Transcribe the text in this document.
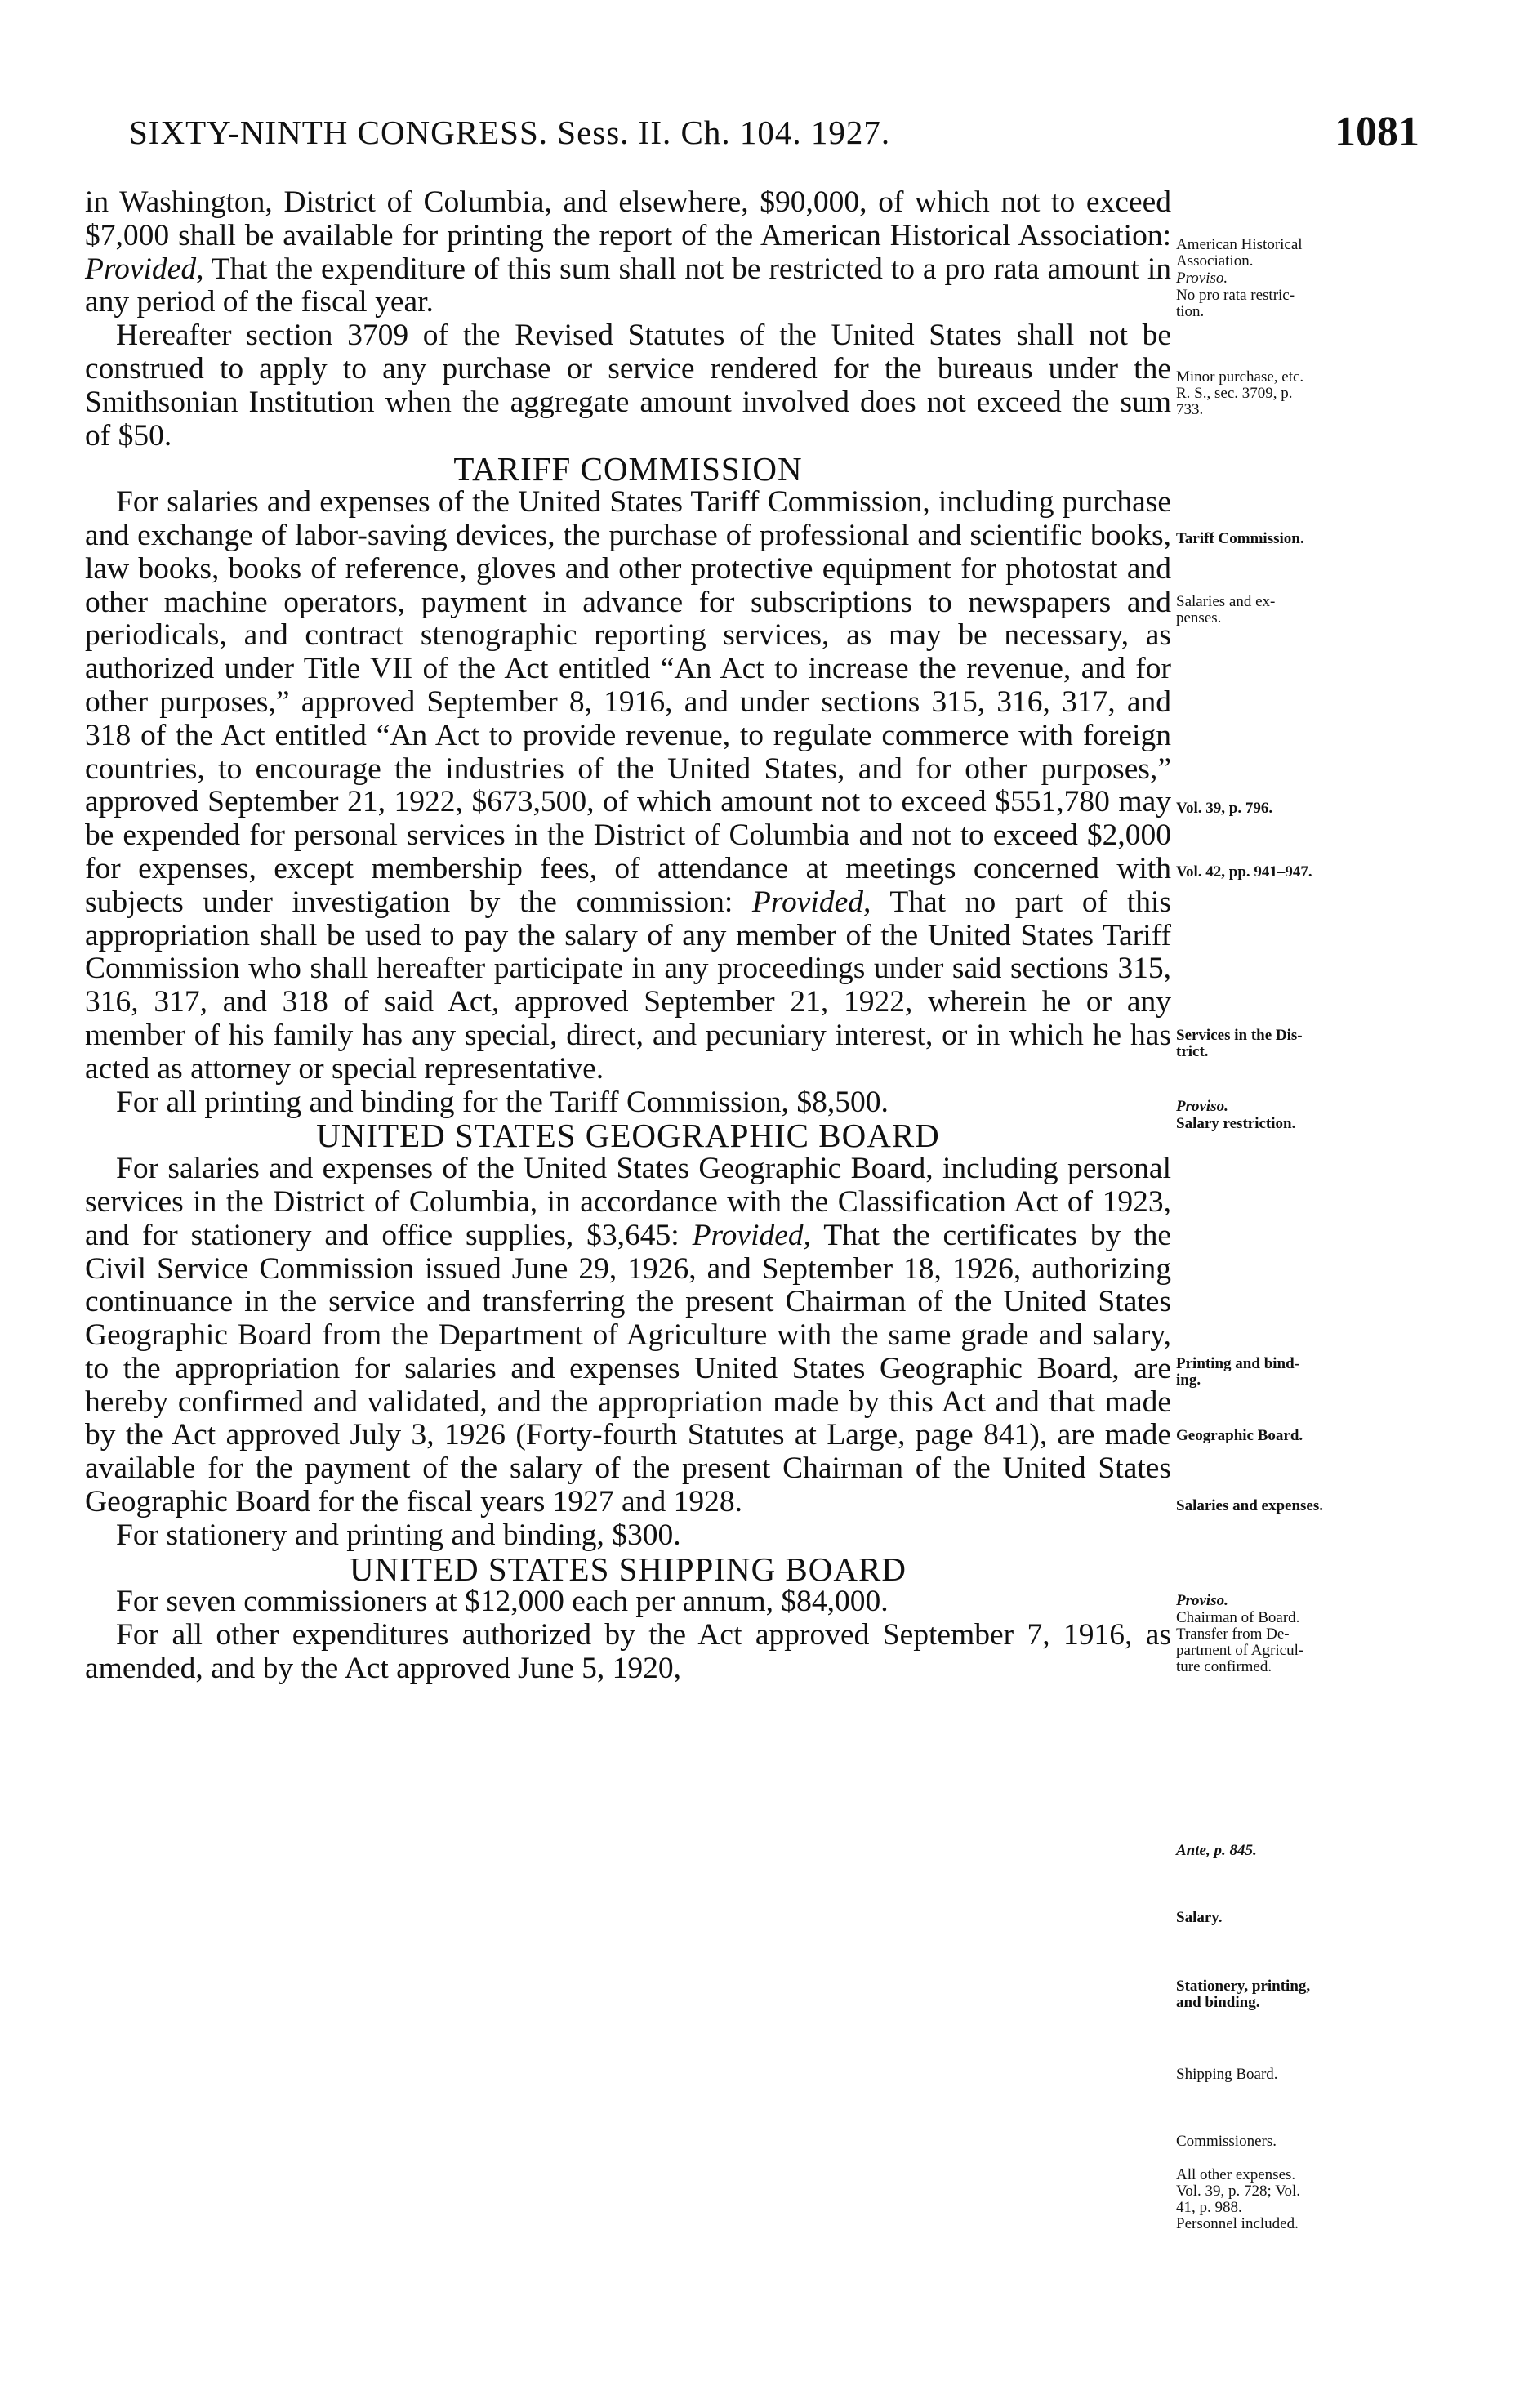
SIXTY-NINTH CONGRESS. Sess. II. Ch. 104. 1927.	1081

in Washington, District of Columbia, and elsewhere, $90,000, of which not to exceed $7,000 shall be available for printing the report of the American Historical Association: Provided, That the expenditure of this sum shall not be restricted to a pro rata amount in any period of the fiscal year.

Hereafter section 3709 of the Revised Statutes of the United States shall not be construed to apply to any purchase or service rendered for the bureaus under the Smithsonian Institution when the aggregate amount involved does not exceed the sum of $50.

TARIFF COMMISSION

For salaries and expenses of the United States Tariff Commission, including purchase and exchange of labor-saving devices, the purchase of professional and scientific books, law books, books of reference, gloves and other protective equipment for photostat and other machine operators, payment in advance for subscriptions to newspapers and periodicals, and contract stenographic reporting services, as may be necessary, as authorized under Title VII of the Act entitled “An Act to increase the revenue, and for other purposes,” approved September 8, 1916, and under sections 315, 316, 317, and 318 of the Act entitled “An Act to provide revenue, to regulate commerce with foreign countries, to encourage the industries of the United States, and for other purposes,” approved September 21, 1922, $673,500, of which amount not to exceed $551,780 may be expended for personal services in the District of Columbia and not to exceed $2,000 for expenses, except membership fees, of attendance at meetings concerned with subjects under investigation by the commission: Provided, That no part of this appropriation shall be used to pay the salary of any member of the United States Tariff Commission who shall hereafter participate in any proceedings under said sections 315, 316, 317, and 318 of said Act, approved September 21, 1922, wherein he or any member of his family has any special, direct, and pecuniary interest, or in which he has acted as attorney or special representative.

For all printing and binding for the Tariff Commission, $8,500.

UNITED STATES GEOGRAPHIC BOARD

For salaries and expenses of the United States Geographic Board, including personal services in the District of Columbia, in accordance with the Classification Act of 1923, and for stationery and office supplies, $3,645: Provided, That the certificates by the Civil Service Commission issued June 29, 1926, and September 18, 1926, authorizing continuance in the service and transferring the present Chairman of the United States Geographic Board from the Department of Agriculture with the same grade and salary, to the appropriation for salaries and expenses United States Geographic Board, are hereby confirmed and validated, and the appropriation made by this Act and that made by the Act approved July 3, 1926 (Forty-fourth Statutes at Large, page 841), are made available for the payment of the salary of the present Chairman of the United States Geographic Board for the fiscal years 1927 and 1928.

For stationery and printing and binding, $300.

UNITED STATES SHIPPING BOARD

For seven commissioners at $12,000 each per annum, $84,000.

For all other expenditures authorized by the Act approved September 7, 1916, as amended, and by the Act approved June 5, 1920,

American Historical
Association.
Proviso.
No pro rata restric-
tion.
Minor purchase, etc.
R. S., sec. 3709, p.
733.
Tariff Commission.
Salaries and ex-
penses.
Vol. 39, p. 796.
Vol. 42, pp. 941–947.
Services in the Dis-
trict.
Proviso.
Salary restriction.
Printing and bind-
ing.
Geographic Board.
Salaries and expenses.
Proviso.
Chairman of Board.
Transfer from De-
partment of Agricul-
ture confirmed.
Ante, p. 845.
Salary.
Stationery, printing,
and binding.
Shipping Board.
Commissioners.
All other expenses.
Vol. 39, p. 728; Vol.
41, p. 988.
Personnel included.
